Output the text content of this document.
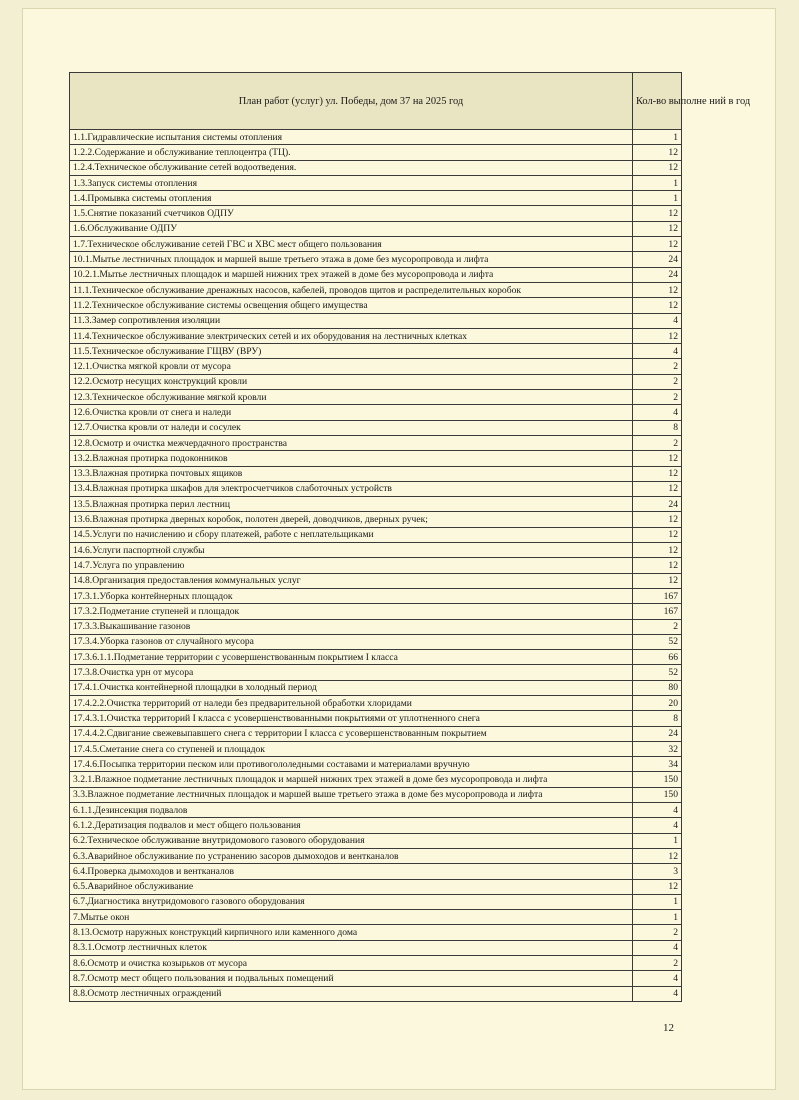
План работ (услуг) ул. Победы, дом 37 на 2025 год	Кол-во выполне ний в год
1.1.Гидравлические испытания системы отопления	1
1.2.2.Содержание и обслуживание теплоцентра (ТЦ).	12
1.2.4.Техническое обслуживание сетей водоотведения.	12
1.3.Запуск системы отопления	1
1.4.Промывка системы отопления	1
1.5.Снятие показаний счетчиков ОДПУ	12
1.6.Обслуживание ОДПУ	12
1.7.Техническое обслуживание сетей ГВС и ХВС мест общего пользования	12
10.1.Мытье лестничных площадок и маршей выше третьего этажа в доме без мусоропровода и лифта	24
10.2.1.Мытье лестничных площадок и маршей нижних трех этажей в доме без мусоропровода и лифта	24
11.1.Техническое обслуживание дренажных насосов, кабелей, проводов щитов и распределительных коробок	12
11.2.Техническое обслуживание системы освещения общего имущества	12
11.3.Замер сопротивления изоляции	4
11.4.Техническое обслуживание электрических сетей и их оборудования на лестничных клетках	12
11.5.Техническое обслуживание ГЩВУ (ВРУ)	4
12.1.Очистка мягкой кровли от мусора	2
12.2.Осмотр несущих конструкций кровли	2
12.3.Техническое обслуживание мягкой кровли	2
12.6.Очистка кровли от снега и наледи	4
12.7.Очистка кровли от наледи и сосулек	8
12.8.Осмотр и очистка межчердачного пространства	2
13.2.Влажная протирка подоконников	12
13.3.Влажная протирка почтовых ящиков	12
13.4.Влажная протирка шкафов для электросчетчиков слаботочных устройств	12
13.5.Влажная протирка перил лестниц	24
13.6.Влажная протирка дверных коробок, полотен дверей, доводчиков, дверных ручек;	12
14.5.Услуги по начислению и сбору платежей, работе с неплательщиками	12
14.6.Услуги паспортной службы	12
14.7.Услуга по управлению	12
14.8.Организация предоставления коммунальных услуг	12
17.3.1.Уборка контейнерных площадок	167
17.3.2.Подметание ступеней и площадок	167
17.3.3.Выкашивание газонов	2
17.3.4.Уборка газонов от случайного мусора	52
17.3.6.1.1.Подметание территории с усовершенствованным покрытием I класса	66
17.3.8.Очистка урн от мусора	52
17.4.1.Очистка контейнерной площадки в холодный период	80
17.4.2.2.Очистка территорий от наледи без предварительной обработки хлоридами	20
17.4.3.1.Очистка территорий I класса с усовершенствованными покрытиями от уплотненного снега	8
17.4.4.2.Сдвигание свежевыпавшего снега с территории I класса с усовершенствованным покрытием	24
17.4.5.Сметание снега со ступеней и площадок	32
17.4.6.Посыпка территории песком или противогололедными составами и материалами вручную	34
3.2.1.Влажное подметание лестничных площадок и маршей нижних трех этажей в доме без мусоропровода и лифта	150
3.3.Влажное подметание лестничных площадок и маршей выше третьего этажа в доме без мусоропровода и лифта	150
6.1.1.Дезинсекция подвалов	4
6.1.2.Дератизация подвалов и мест общего пользования	4
6.2.Техническое обслуживание внутридомового газового оборудования	1
6.3.Аварийное обслуживание по устранению засоров дымоходов и вентканалов	12
6.4.Проверка дымоходов и вентканалов	3
6.5.Аварийное обслуживание	12
6.7.Диагностика внутридомового газового оборудования	1
7.Мытье окон	1
8.13.Осмотр наружных конструкций кирпичного или каменного дома	2
8.3.1.Осмотр лестничных клеток	4
8.6.Осмотр и очистка козырьков от мусора	2
8.7.Осмотр мест общего пользования и подвальных помещений	4
8.8.Осмотр лестничных ограждений	4
12
